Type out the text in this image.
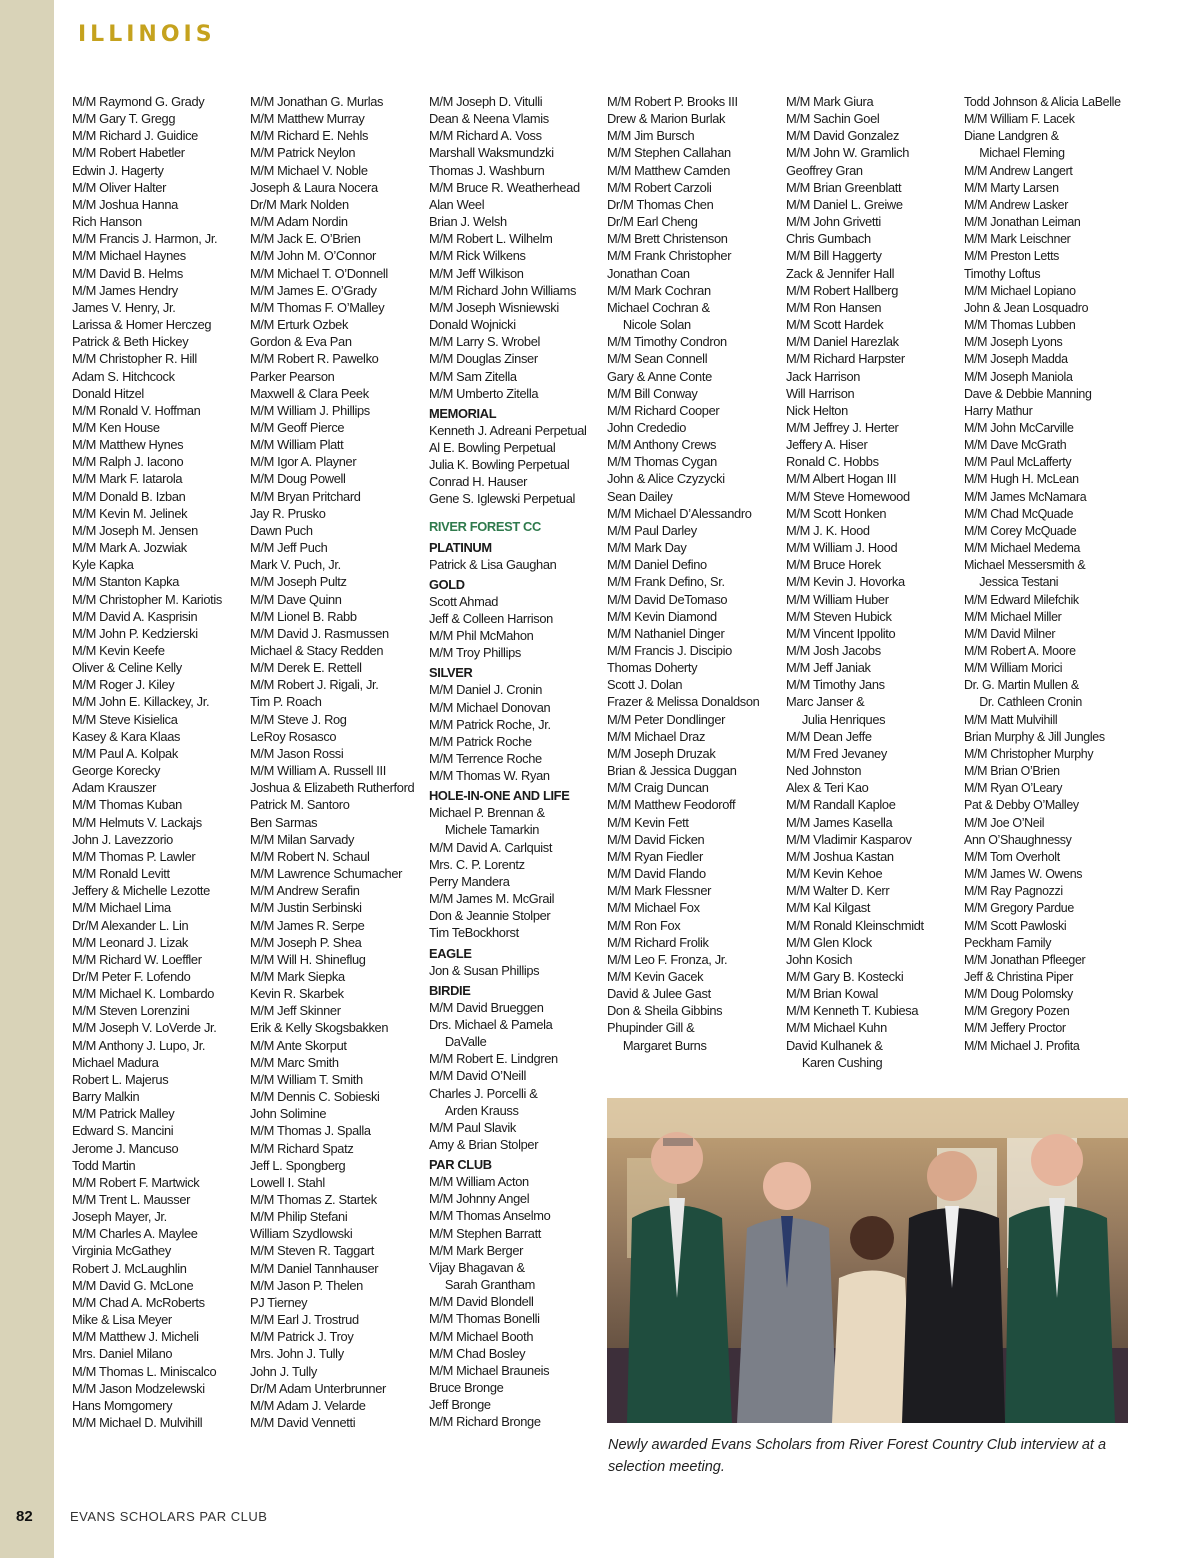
ILLINOIS
M/M Raymond G. Grady
M/M Gary T. Gregg
M/M Richard J. Guidice
M/M Robert Habetler
Edwin J. Hagerty
M/M Oliver Halter
M/M Joshua Hanna
Rich Hanson
M/M Francis J. Harmon, Jr.
M/M Michael Haynes
M/M David B. Helms
M/M James Hendry
James V. Henry, Jr.
Larissa & Homer Herczeg
Patrick & Beth Hickey
M/M Christopher R. Hill
Adam S. Hitchcock
Donald Hitzel
M/M Ronald V. Hoffman
M/M Ken House
M/M Matthew Hynes
M/M Ralph J. Iacono
M/M Mark F. Iatarola
M/M Donald B. Izban
M/M Kevin M. Jelinek
M/M Joseph M. Jensen
M/M Mark A. Jozwiak
Kyle Kapka
M/M Stanton Kapka
M/M Christopher M. Kariotis
M/M David A. Kasprisin
M/M John P. Kedzierski
M/M Kevin Keefe
Oliver & Celine Kelly
M/M Roger J. Kiley
M/M John E. Killackey, Jr.
M/M Steve Kisielica
Kasey & Kara Klaas
M/M Paul A. Kolpak
George Korecky
Adam Krauszer
M/M Thomas Kuban
M/M Helmuts V. Lackajs
John J. Lavezzorio
M/M Thomas P. Lawler
M/M Ronald Levitt
Jeffery & Michelle Lezotte
M/M Michael Lima
Dr/M Alexander L. Lin
M/M Leonard J. Lizak
M/M Richard W. Loeffler
Dr/M Peter F. Lofendo
M/M Michael K. Lombardo
M/M Steven Lorenzini
M/M Joseph V. LoVerde Jr.
M/M Anthony J. Lupo, Jr.
Michael Madura
Robert L. Majerus
Barry Malkin
M/M Patrick Malley
Edward S. Mancini
Jerome J. Mancuso
Todd Martin
M/M Robert F. Martwick
M/M Trent L. Mausser
Joseph Mayer, Jr.
M/M Charles A. Maylee
Virginia McGathey
Robert J. McLaughlin
M/M David G. McLone
M/M Chad A. McRoberts
Mike & Lisa Meyer
M/M Matthew J. Micheli
Mrs. Daniel Milano
M/M Thomas L. Miniscalco
M/M Jason Modzelewski
Hans Momgomery
M/M Michael D. Mulvihill
M/M Jonathan G. Murlas
M/M Matthew Murray
M/M Richard E. Nehls
M/M Patrick Neylon
M/M Michael V. Noble
Joseph & Laura Nocera
Dr/M Mark Nolden
M/M Adam Nordin
M/M Jack E. O’Brien
M/M John M. O’Connor
M/M Michael T. O’Donnell
M/M James E. O’Grady
M/M Thomas F. O’Malley
M/M Erturk Ozbek
Gordon & Eva Pan
M/M Robert R. Pawelko
Parker Pearson
Maxwell & Clara Peek
M/M William J. Phillips
M/M Geoff Pierce
M/M William Platt
M/M Igor A. Playner
M/M Doug Powell
M/M Bryan Pritchard
Jay R. Prusko
Dawn Puch
M/M Jeff Puch
Mark V. Puch, Jr.
M/M Joseph Pultz
M/M Dave Quinn
M/M Lionel B. Rabb
M/M David J. Rasmussen
Michael & Stacy Redden
M/M Derek E. Rettell
M/M Robert J. Rigali, Jr.
Tim P. Roach
M/M Steve J. Rog
LeRoy Rosasco
M/M Jason Rossi
M/M William A. Russell III
Joshua & Elizabeth Rutherford
Patrick M. Santoro
Ben Sarmas
M/M Milan Sarvady
M/M Robert N. Schaul
M/M Lawrence Schumacher
M/M Andrew Serafin
M/M Justin Serbinski
M/M James R. Serpe
M/M Joseph P. Shea
M/M Will H. Shineflug
M/M Mark Siepka
Kevin R. Skarbek
M/M Jeff Skinner
Erik & Kelly Skogsbakken
M/M Ante Skorput
M/M Marc Smith
M/M William T. Smith
M/M Dennis C. Sobieski
John Solimine
M/M Thomas J. Spalla
M/M Richard Spatz
Jeff L. Spongberg
Lowell I. Stahl
M/M Thomas Z. Startek
M/M Philip Stefani
William Szydlowski
M/M Steven R. Taggart
M/M Daniel Tannhauser
M/M Jason P. Thelen
PJ Tierney
M/M Earl J. Trostrud
M/M Patrick J. Troy
Mrs. John J. Tully
John J. Tully
Dr/M Adam Unterbrunner
M/M Adam J. Velarde
M/M David Vennetti
M/M Joseph D. Vitulli
Dean & Neena Vlamis
M/M Richard A. Voss
Marshall Waksmundzki
Thomas J. Washburn
M/M Bruce R. Weatherhead
Alan Weel
Brian J. Welsh
M/M Robert L. Wilhelm
M/M Rick Wilkens
M/M Jeff Wilkison
M/M Richard John Williams
M/M Joseph Wisniewski
Donald Wojnicki
M/M Larry S. Wrobel
M/M Douglas Zinser
M/M Sam Zitella
M/M Umberto Zitella
MEMORIAL
Kenneth J. Adreani Perpetual
Al E. Bowling Perpetual
Julia K. Bowling Perpetual
Conrad H. Hauser
Gene S. Iglewski Perpetual
RIVER FOREST CC
PLATINUM
Patrick & Lisa Gaughan
GOLD
Scott Ahmad
Jeff & Colleen Harrison
M/M Phil McMahon
M/M Troy Phillips
SILVER
M/M Daniel J. Cronin
M/M Michael Donovan
M/M Patrick Roche, Jr.
M/M Patrick Roche
M/M Terrence Roche
M/M Thomas W. Ryan
HOLE-IN-ONE AND LIFE
Michael P. Brennan &
Michele Tamarkin
M/M David A. Carlquist
Mrs. C. P. Lorentz
Perry Mandera
M/M James M. McGrail
Don & Jeannie Stolper
Tim TeBockhorst
EAGLE
Jon & Susan Phillips
BIRDIE
M/M David Brueggen
Drs. Michael & Pamela
DaValle
M/M Robert E. Lindgren
M/M David O’Neill
Charles J. Porcelli &
Arden Krauss
M/M Paul Slavik
Amy & Brian Stolper
PAR CLUB
M/M William Acton
M/M Johnny Angel
M/M Thomas Anselmo
M/M Stephen Barratt
M/M Mark Berger
Vijay Bhagavan &
Sarah Grantham
M/M David Blondell
M/M Thomas Bonelli
M/M Michael Booth
M/M Chad Bosley
M/M Michael Brauneis
Bruce Bronge
Jeff Bronge
M/M Richard Bronge
M/M Robert P. Brooks III
Drew & Marion Burlak
M/M Jim Bursch
M/M Stephen Callahan
M/M Matthew Camden
M/M Robert Carzoli
Dr/M Thomas Chen
Dr/M Earl Cheng
M/M Brett Christenson
M/M Frank Christopher
Jonathan Coan
M/M Mark Cochran
Michael Cochran &
Nicole Solan
M/M Timothy Condron
M/M Sean Connell
Gary & Anne Conte
M/M Bill Conway
M/M Richard Cooper
John Crededio
M/M Anthony Crews
M/M Thomas Cygan
John & Alice Czyzycki
Sean Dailey
M/M Michael D’Alessandro
M/M Paul Darley
M/M Mark Day
M/M Daniel Defino
M/M Frank Defino, Sr.
M/M David DeTomaso
M/M Kevin Diamond
M/M Nathaniel Dinger
M/M Francis J. Discipio
Thomas Doherty
Scott J. Dolan
Frazer & Melissa Donaldson
M/M Peter Dondlinger
M/M Michael Draz
M/M Joseph Druzak
Brian & Jessica Duggan
M/M Craig Duncan
M/M Matthew Feodoroff
M/M Kevin Fett
M/M David Ficken
M/M Ryan Fiedler
M/M David Flando
M/M Mark Flessner
M/M Michael Fox
M/M Ron Fox
M/M Richard Frolik
M/M Leo F. Fronza, Jr.
M/M Kevin Gacek
David & Julee Gast
Don & Sheila Gibbins
Phupinder Gill &
Margaret Burns
M/M Mark Giura
M/M Sachin Goel
M/M David Gonzalez
M/M John W. Gramlich
Geoffrey Gran
M/M Brian Greenblatt
M/M Daniel L. Greiwe
M/M John Grivetti
Chris Gumbach
M/M Bill Haggerty
Zack & Jennifer Hall
M/M Robert Hallberg
M/M Ron Hansen
M/M Scott Hardek
M/M Daniel Harezlak
M/M Richard Harpster
Jack Harrison
Will Harrison
Nick Helton
M/M Jeffrey J. Herter
Jeffery A. Hiser
Ronald C. Hobbs
M/M Albert Hogan III
M/M Steve Homewood
M/M Scott Honken
M/M J. K. Hood
M/M William J. Hood
M/M Bruce Horek
M/M Kevin J. Hovorka
M/M William Huber
M/M Steven Hubick
M/M Vincent Ippolito
M/M Josh Jacobs
M/M Jeff Janiak
M/M Timothy Jans
Marc Janser &
Julia Henriques
M/M Dean Jeffe
M/M Fred Jevaney
Ned Johnston
Alex & Teri Kao
M/M Randall Kaploe
M/M James Kasella
M/M Vladimir Kasparov
M/M Joshua Kastan
M/M Kevin Kehoe
M/M Walter D. Kerr
M/M Kal Kilgast
M/M Ronald Kleinschmidt
M/M Glen Klock
John Kosich
M/M Gary B. Kostecki
M/M Brian Kowal
M/M Kenneth T. Kubiesa
M/M Michael Kuhn
David Kulhanek &
Karen Cushing
Todd Johnson & Alicia LaBelle
M/M William F. Lacek
Diane Landgren &
Michael Fleming
M/M Andrew Langert
M/M Marty Larsen
M/M Andrew Lasker
M/M Jonathan Leiman
M/M Mark Leischner
M/M Preston Letts
Timothy Loftus
M/M Michael Lopiano
John & Jean Losquadro
M/M Thomas Lubben
M/M Joseph Lyons
M/M Joseph Madda
M/M Joseph Maniola
Dave & Debbie Manning
Harry Mathur
M/M John McCarville
M/M Dave McGrath
M/M Paul McLafferty
M/M Hugh H. McLean
M/M James McNamara
M/M Chad McQuade
M/M Corey McQuade
M/M Michael Medema
Michael Messersmith &
Jessica Testani
M/M Edward Milefchik
M/M Michael Miller
M/M David Milner
M/M Robert A. Moore
M/M William Morici
Dr. G. Martin Mullen &
Dr. Cathleen Cronin
M/M Matt Mulvihill
Brian Murphy & Jill Jungles
M/M Christopher Murphy
M/M Brian O’Brien
M/M Ryan O’Leary
Pat & Debby O’Malley
M/M Joe O’Neil
Ann O’Shaughnessy
M/M Tom Overholt
M/M James W. Owens
M/M Ray Pagnozzi
M/M Gregory Pardue
M/M Scott Pawloski
Peckham Family
M/M Jonathan Pfleeger
Jeff & Christina Piper
M/M Doug Polomsky
M/M Gregory Pozen
M/M Jeffery Proctor
M/M Michael J. Profita
Newly awarded Evans Scholars from River Forest Country Club interview at a selection meeting.
82	EVANS SCHOLARS PAR CLUB
